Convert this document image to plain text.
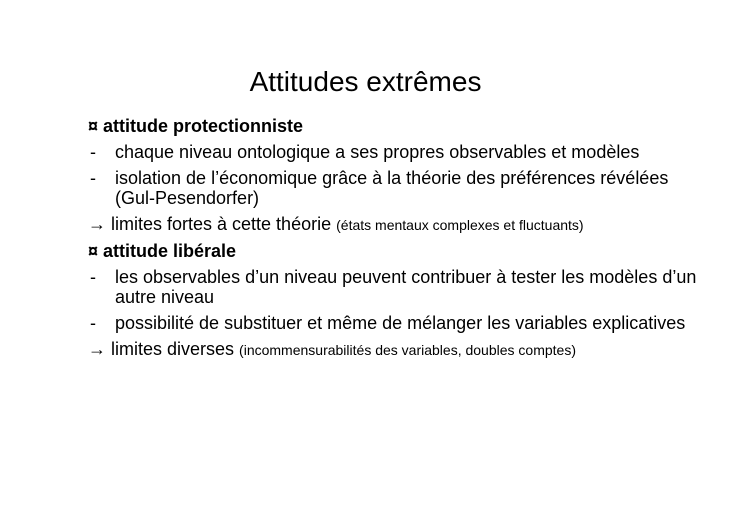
Attitudes extrêmes
¤ attitude protectionniste
- chaque niveau ontologique a ses propres observables et modèles
- isolation de l’économique grâce à la théorie des préférences révélées (Gul-Pesendorfer)
→ limites fortes à cette théorie (états mentaux complexes et fluctuants)
¤ attitude libérale
- les observables d’un niveau peuvent contribuer à tester les modèles d’un autre niveau
- possibilité de substituer et même de mélanger les variables explicatives
→ limites diverses (incommensurabilités des variables, doubles comptes)
